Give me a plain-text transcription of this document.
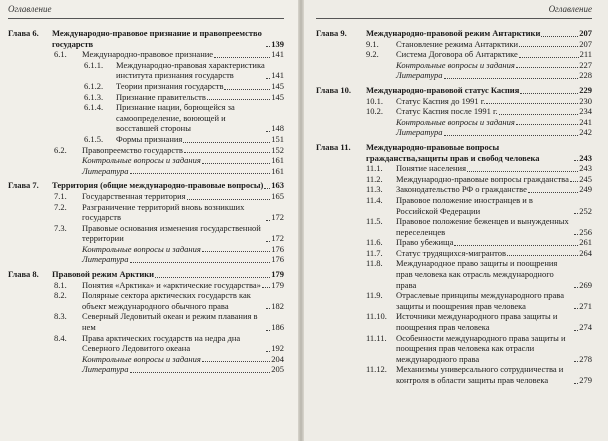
Оглавление
Глава 6. Международно-правовое признание и правопреемство государств	139
6.1. Международно-правовое признание	141
6.1.1. Международно-правовая характеристика института признания государств	141
6.1.2. Теории признания государств	145
6.1.3. Признание правительств	145
6.1.4. Признание нации, борющейся за самоопределение, воюющей и восставшей стороны	148
6.1.5. Формы признания	151
6.2. Правопреемство государств	152
Контрольные вопросы и задания	161
Литература	161
Глава 7. Территория (общие международно-правовые вопросы) 163
7.1. Государственная территория	165
7.2. Разграничение территорий вновь возникших государств	172
7.3. Правовые основания изменения государственной территории	172
Контрольные вопросы и задания	176
Литература	176
Глава 8. Правовой режим Арктики	179
8.1. Понятия «Арктика» и «арктические государства» 179
8.2. Полярные сектора арктических государств как объект международного обычного права	182
8.3. Северный Ледовитый океан и режим плавания в нем	186
8.4. Права арктических государств на недра дна Северного Ледовитого океана	192
Контрольные вопросы и задания	204
Литература	205
Оглавление
Глава 9. Международно-правовой режим Антарктики	207
9.1. Становление режима Антарктики	207
9.2. Система Договора об Антарктике	211
Контрольные вопросы и задания	227
Литература	228
Глава 10. Международно-правовой статус Каспия	229
10.1. Статус Каспия до 1991 г.	230
10.2. Статус Каспия после 1991 г.	234
Контрольные вопросы и задания	241
Литература	242
Глава 11. Международно-правовые вопросы гражданства,защиты прав и свобод человека	243
11.1. Понятие населения	243
11.2. Международно-правовые вопросы гражданства 245
11.3. Законодательство РФ о гражданстве	249
11.4. Правовое положение иностранцев и в Российской Федерации	252
11.5. Правовое положение беженцев и вынужденных переселенцев	256
11.6. Право убежища	261
11.7. Статус трудящихся-мигрантов	264
11.8. Международное право защиты и поощрения прав человека как отрасль международного права	269
11.9. Отраслевые принципы международного права защиты и поощрения прав человека	271
11.10. Источники международного права защиты и поощрения прав человека	274
11.11. Особенности международного права защиты и поощрения прав человека как отрасли международного права	278
11.12. Механизмы универсального сотрудничества и контроля в области защиты прав человека	279
